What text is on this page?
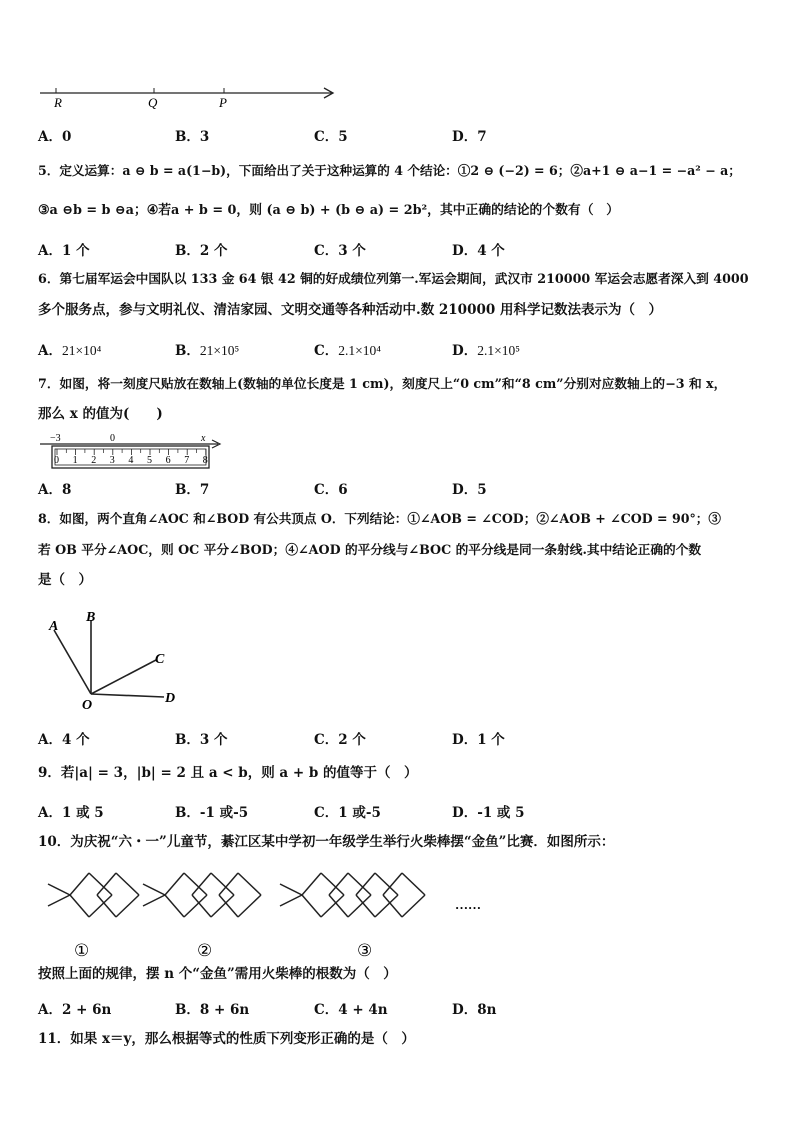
R	Q	P
A．0	B．3	C．5	D．7
5．定义运算：a ⊖ b = a(1−b)，下面给出了关于这种运算的 4 个结论：①2 ⊖ (−2) = 6；②a+1 ⊖ a−1 = −a² − a；
③a ⊖b = b ⊖a；④若a + b = 0，则 (a ⊖ b) + (b ⊖ a) = 2b²，其中正确的结论的个数有（　）
A．1 个	B．2 个	C．3 个	D．4 个
6．第七届军运会中国队以 133 金 64 银 42 铜的好成绩位列第一.军运会期间，武汉市 210000 军运会志愿者深入到 4000
多个服务点，参与文明礼仪、清洁家园、文明交通等各种活动中.数 210000 用科学记数法表示为（　）
A．21×10⁴	B．21×10⁵	C．2.1×10⁴	D．2.1×10⁵
7．如图，将一刻度尺贴放在数轴上(数轴的单位长度是 1 cm)，刻度尺上“0 cm”和“8 cm”分别对应数轴上的−3 和 x，
那么 x 的值为(　　)
−3	0	x
0 1 2 3 4 5 6 7 8
A．8	B．7	C．6	D．5
8．如图，两个直角∠AOC 和∠BOD 有公共顶点 O．下列结论：①∠AOB = ∠COD；②∠AOB + ∠COD = 90°；③
若 OB 平分∠AOC，则 OC 平分∠BOD；④∠AOD 的平分线与∠BOC 的平分线是同一条射线.其中结论正确的个数
是（　）
A
B
C
D
O
A．4 个	B．3 个	C．2 个	D．1 个
9．若|a| = 3，|b| = 2 且 a < b，则 a + b 的值等于（　）
A．1 或 5	B．-1 或-5	C．1 或-5	D．-1 或 5
10．为庆祝“六・一”儿童节，綦江区某中学初一年级学生举行火柴棒摆“金鱼”比赛．如图所示：
……
①	②	③
按照上面的规律，摆 n 个“金鱼”需用火柴棒的根数为（　）
A．2 + 6n	B．8 + 6n	C．4 + 4n	D．8n
11．如果 x＝y，那么根据等式的性质下列变形正确的是（　）
